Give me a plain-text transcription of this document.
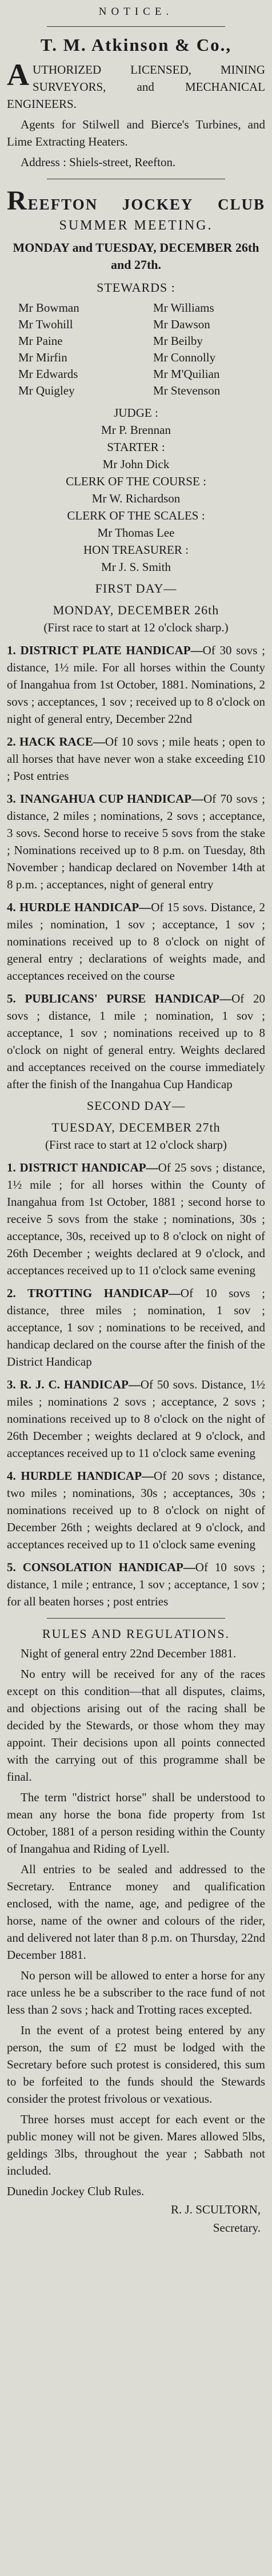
NOTICE.
T. M. Atkinson & Co.,

A UTHORIZED LICENSED, MINING SURVEYORS, and MECHANICAL ENGINEERS.

Agents for Stilwell and Bierce's Turbines, and Lime Extracting Heaters.

Address : Shiels-street, Reefton.

REEFTON JOCKEY CLUB
SUMMER MEETING.
MONDAY and TUESDAY, DECEMBER 26th and 27th.
STEWARDS :
Mr Bowman	Mr Williams
Mr Twohill	Mr Dawson
Mr Paine	Mr Beilby
Mr Mirfin	Mr Connolly
Mr Edwards	Mr M'Quilian
Mr Quigley	Mr Stevenson
JUDGE :
Mr P. Brennan
STARTER :
Mr John Dick
CLERK OF THE COURSE :
Mr W. Richardson
CLERK OF THE SCALES :
Mr Thomas Lee
HON TREASURER :
Mr J. S. Smith
FIRST DAY—
MONDAY, DECEMBER 26th
(First race to start at 12 o'clock sharp.)

1. DISTRICT PLATE HANDICAP—Of 30 sovs ; distance, 1½ mile. For all horses within the County of Inangahua from 1st October, 1881. Nominations, 2 sovs ; acceptances, 1 sov ; received up to 8 o'clock on night of general entry, December 22nd

2. HACK RACE—Of 10 sovs ; mile heats ; open to all horses that have never won a stake exceeding £10 ; Post entries

3. INANGAHUA CUP HANDICAP—Of 70 sovs ; distance, 2 miles ; nominations, 2 sovs ; acceptance, 3 sovs. Second horse to receive 5 sovs from the stake ; Nominations received up to 8 p.m. on Tuesday, 8th November ; handicap declared on November 14th at 8 p.m. ; acceptances, night of general entry

4. HURDLE HANDICAP—Of 15 sovs. Distance, 2 miles ; nomination, 1 sov ; acceptance, 1 sov ; nominations received up to 8 o'clock on night of general entry ; declarations of weights made, and acceptances received on the course

5. PUBLICANS' PURSE HANDICAP—Of 20 sovs ; distance, 1 mile ; nomination, 1 sov ; acceptance, 1 sov ; nominations received up to 8 o'clock on night of general entry. Weights declared and acceptances received on the course immediately after the finish of the Inangahua Cup Handicap

SECOND DAY—
TUESDAY, DECEMBER 27th
(First race to start at 12 o'clock sharp)

1. DISTRICT HANDICAP—Of 25 sovs ; distance, 1½ mile ; for all horses within the County of Inangahua from 1st October, 1881 ; second horse to receive 5 sovs from the stake ; nominations, 30s ; acceptance, 30s, received up to 8 o'clock on night of 26th December ; weights declared at 9 o'clock, and acceptances received up to 11 o'clock same evening

2. TROTTING HANDICAP—Of 10 sovs ; distance, three miles ; nomination, 1 sov ; acceptance, 1 sov ; nominations to be received, and handicap declared on the course after the finish of the District Handicap

3. R. J. C. HANDICAP—Of 50 sovs. Distance, 1½ miles ; nominations 2 sovs ; acceptance, 2 sovs ; nominations received up to 8 o'clock on the night of 26th December ; weights declared at 9 o'clock, and acceptances received up to 11 o'clock same evening

4. HURDLE HANDICAP—Of 20 sovs ; distance, two miles ; nominations, 30s ; acceptances, 30s ; nominations received up to 8 o'clock on night of December 26th ; weights declared at 9 o'clock, and acceptances received up to 11 o'clock same evening

5. CONSOLATION HANDICAP—Of 10 sovs ; distance, 1 mile ; entrance, 1 sov ; acceptance, 1 sov ; for all beaten horses ; post entries

RULES AND REGULATIONS.

Night of general entry 22nd December 1881.

No entry will be received for any of the races except on this condition—that all disputes, claims, and objections arising out of the racing shall be decided by the Stewards, or those whom they may appoint. Their decisions upon all points connected with the carrying out of this programme shall be final.

The term "district horse" shall be understood to mean any horse the bona fide property from 1st October, 1881 of a person residing within the County of Inangahua and Riding of Lyell.

All entries to be sealed and addressed to the Secretary. Entrance money and qualification enclosed, with the name, age, and pedigree of the horse, name of the owner and colours of the rider, and delivered not later than 8 p.m. on Thursday, 22nd December 1881.

No person will be allowed to enter a horse for any race unless he be a subscriber to the race fund of not less than 2 sovs ; hack and Trotting races excepted.

In the event of a protest being entered by any person, the sum of £2 must be lodged with the Secretary before such protest is considered, this sum to be forfeited to the funds should the Stewards consider the protest frivolous or vexatious.

Three horses must accept for each event or the public money will not be given. Mares allowed 5lbs, geldings 3lbs, throughout the year ; Sabbath not included.

Dunedin Jockey Club Rules.
R. J. SCULTORN,
Secretary.
